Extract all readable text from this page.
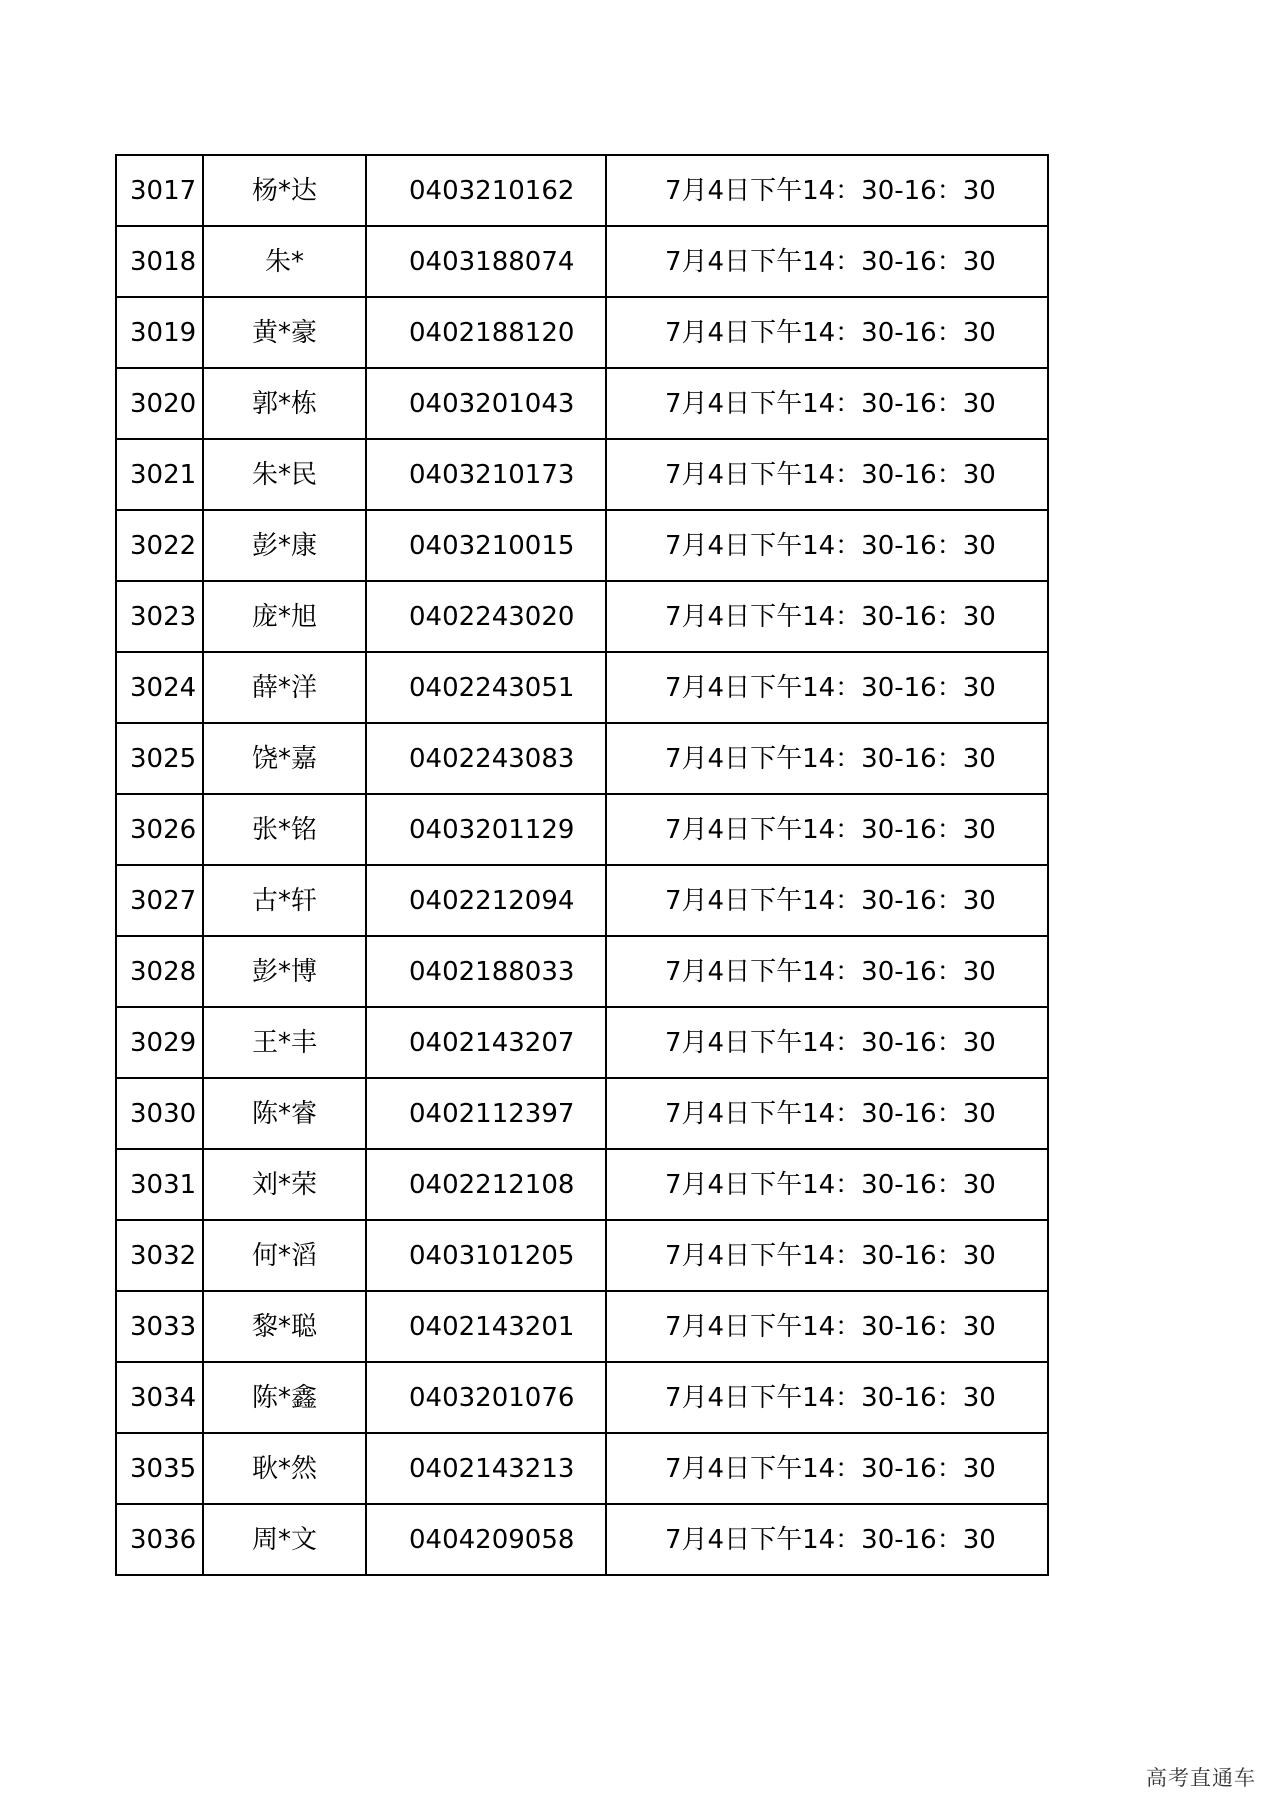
3017	杨*达	0403210162	7月4日下午14：30-16：30
3018	朱*	0403188074	7月4日下午14：30-16：30
3019	黄*豪	0402188120	7月4日下午14：30-16：30
3020	郭*栋	0403201043	7月4日下午14：30-16：30
3021	朱*民	0403210173	7月4日下午14：30-16：30
3022	彭*康	0403210015	7月4日下午14：30-16：30
3023	庞*旭	0402243020	7月4日下午14：30-16：30
3024	薛*洋	0402243051	7月4日下午14：30-16：30
3025	饶*嘉	0402243083	7月4日下午14：30-16：30
3026	张*铭	0403201129	7月4日下午14：30-16：30
3027	古*轩	0402212094	7月4日下午14：30-16：30
3028	彭*博	0402188033	7月4日下午14：30-16：30
3029	王*丰	0402143207	7月4日下午14：30-16：30
3030	陈*睿	0402112397	7月4日下午14：30-16：30
3031	刘*荣	0402212108	7月4日下午14：30-16：30
3032	何*滔	0403101205	7月4日下午14：30-16：30
3033	黎*聪	0402143201	7月4日下午14：30-16：30
3034	陈*鑫	0403201076	7月4日下午14：30-16：30
3035	耿*然	0402143213	7月4日下午14：30-16：30
3036	周*文	0404209058	7月4日下午14：30-16：30
高考直通车
